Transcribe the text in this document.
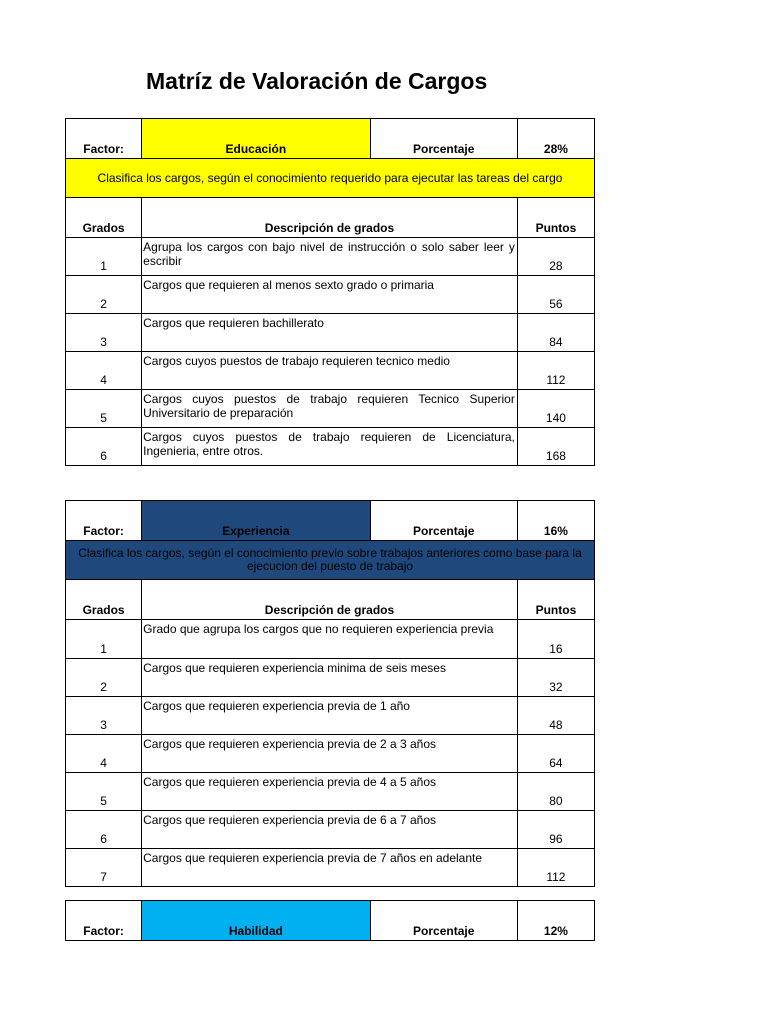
Matríz de Valoración de Cargos
Factor:	Educación	Porcentaje	28%
Clasifica los cargos, según el conocimiento requerido para ejecutar las tareas del cargo			
Grados	Descripción de grados		Puntos
1	Agrupa los cargos con bajo nivel de instrucción o solo saber leer y escribir		28
2	Cargos que requieren al menos sexto grado o primaria		56
3	Cargos que requieren bachillerato		84
4	Cargos cuyos puestos de trabajo requieren tecnico medio		112
5	Cargos cuyos puestos de trabajo requieren Tecnico Superior Universitario de preparación		140
6	Cargos cuyos puestos de trabajo requieren de Licenciatura, Ingenieria, entre otros.		168
Factor:	Experiencia	Porcentaje	16%
Clasifica los cargos, según el conocimiento previo sobre trabajos anteriores como base para la ejecucion del puesto de trabajo			
Grados	Descripción de grados		Puntos
1	Grado que agrupa los cargos que no requieren experiencia previa		16
2	Cargos que requieren experiencia minima de seis meses		32
3	Cargos que requieren experiencia previa de 1 año		48
4	Cargos que requieren experiencia previa de 2 a 3 años		64
5	Cargos que requieren experiencia previa de 4 a 5 años		80
6	Cargos que requieren experiencia previa de 6 a 7 años		96
7	Cargos que requieren experiencia previa de 7 años en adelante		112
Factor:	Habilidad	Porcentaje	12%
